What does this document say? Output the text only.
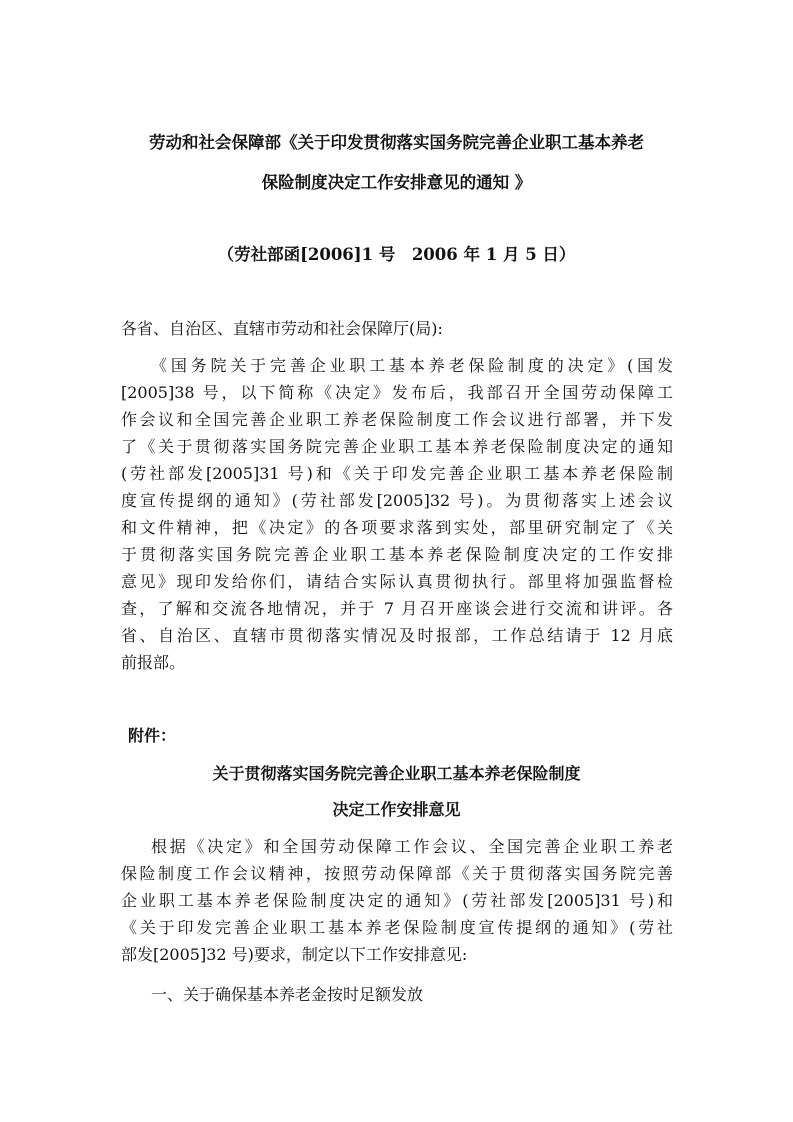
劳动和社会保障部《关于印发贯彻落实国务院完善企业职工基本养老
保险制度决定工作安排意见的通知 》
（劳社部函[2006]1 号　2006 年 1 月 5 日）
各省、自治区、直辖市劳动和社会保障厅(局):
《国务院关于完善企业职工基本养老保险制度的决定》(国发
[2005]38 号，以下简称《决定》发布后，我部召开全国劳动保障工
作会议和全国完善企业职工养老保险制度工作会议进行部署，并下发
了《关于贯彻落实国务院完善企业职工基本养老保险制度决定的通知
(劳社部发[2005]31 号)和《关于印发完善企业职工基本养老保险制
度宣传提纲的通知》(劳社部发[2005]32 号)。为贯彻落实上述会议
和文件精神，把《决定》的各项要求落到实处，部里研究制定了《关
于贯彻落实国务院完善企业职工基本养老保险制度决定的工作安排
意见》现印发给你们，请结合实际认真贯彻执行。部里将加强监督检
查，了解和交流各地情况，并于 7 月召开座谈会进行交流和讲评。各
省、自治区、直辖市贯彻落实情况及时报部，工作总结请于 12 月底
前报部。
附件：
关于贯彻落实国务院完善企业职工基本养老保险制度
决定工作安排意见
根据《决定》和全国劳动保障工作会议、全国完善企业职工养老
保险制度工作会议精神，按照劳动保障部《关于贯彻落实国务院完善
企业职工基本养老保险制度决定的通知》(劳社部发[2005]31 号)和
《关于印发完善企业职工基本养老保险制度宣传提纲的通知》(劳社
部发[2005]32 号)要求，制定以下工作安排意见:
一、关于确保基本养老金按时足额发放
